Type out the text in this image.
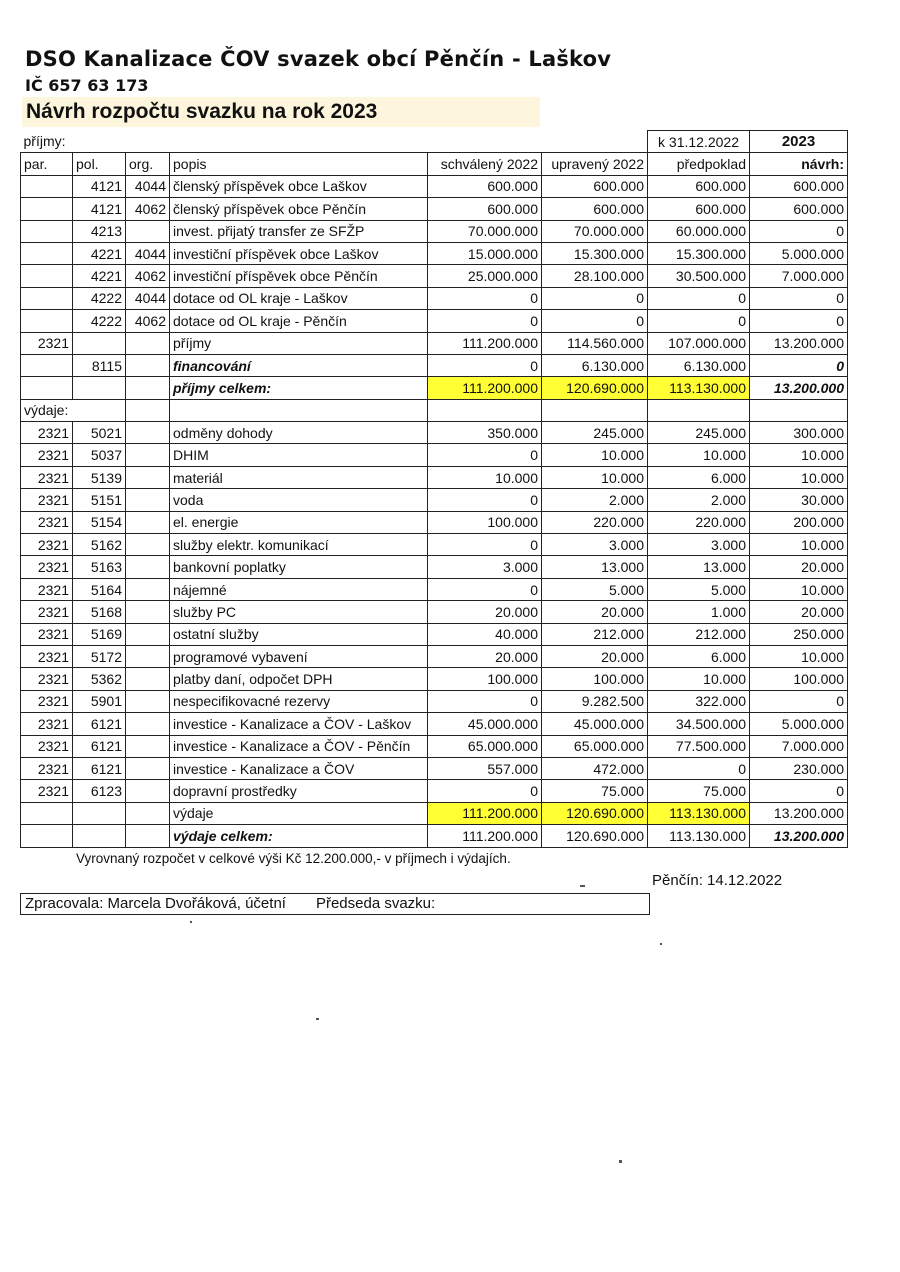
DSO Kanalizace ČOV svazek obcí Pěnčín - Laškov
IČ 657 63 173
Návrh rozpočtu svazku na rok 2023
příjmy:						k 31.12.2022	2023
par.	pol.	org.	popis	schválený 2022	upravený 2022	předpoklad	návrh:
	4121	4044	členský příspěvek obce Laškov	600.000	600.000	600.000	600.000
	4121	4062	členský příspěvek obce Pěnčín	600.000	600.000	600.000	600.000
	4213		invest. přijatý transfer ze SFŽP	70.000.000	70.000.000	60.000.000	0
	4221	4044	investiční příspěvek obce Laškov	15.000.000	15.300.000	15.300.000	5.000.000
	4221	4062	investiční příspěvek obce Pěnčín	25.000.000	28.100.000	30.500.000	7.000.000
	4222	4044	dotace od OL kraje - Laškov	0	0	0	0
	4222	4062	dotace od OL kraje - Pěnčín	0	0	0	0
2321			příjmy	111.200.000	114.560.000	107.000.000	13.200.000
	8115		financování	0	6.130.000	6.130.000	0
			příjmy celkem:	111.200.000	120.690.000	113.130.000	13.200.000
výdaje:							
2321	5021		odměny dohody	350.000	245.000	245.000	300.000
2321	5037		DHIM	0	10.000	10.000	10.000
2321	5139		materiál	10.000	10.000	6.000	10.000
2321	5151		voda	0	2.000	2.000	30.000
2321	5154		el. energie	100.000	220.000	220.000	200.000
2321	5162		služby elektr. komunikací	0	3.000	3.000	10.000
2321	5163		bankovní poplatky	3.000	13.000	13.000	20.000
2321	5164		nájemné	0	5.000	5.000	10.000
2321	5168		služby PC	20.000	20.000	1.000	20.000
2321	5169		ostatní služby	40.000	212.000	212.000	250.000
2321	5172		programové vybavení	20.000	20.000	6.000	10.000
2321	5362		platby daní, odpočet DPH	100.000	100.000	10.000	100.000
2321	5901		nespecifikovacné rezervy	0	9.282.500	322.000	0
2321	6121		investice - Kanalizace a ČOV - Laškov	45.000.000	45.000.000	34.500.000	5.000.000
2321	6121		investice - Kanalizace a ČOV - Pěnčín	65.000.000	65.000.000	77.500.000	7.000.000
2321	6121		investice - Kanalizace a ČOV	557.000	472.000	0	230.000
2321	6123		dopravní prostředky	0	75.000	75.000	0
			výdaje	111.200.000	120.690.000	113.130.000	13.200.000
			výdaje celkem:	111.200.000	120.690.000	113.130.000	13.200.000
Vyrovnaný rozpočet v celkové výši Kč 12.200.000,- v příjmech i výdajích.
Pěnčín: 14.12.2022
Zpracovala: Marcela Dvořáková, účetní Předseda svazku:
